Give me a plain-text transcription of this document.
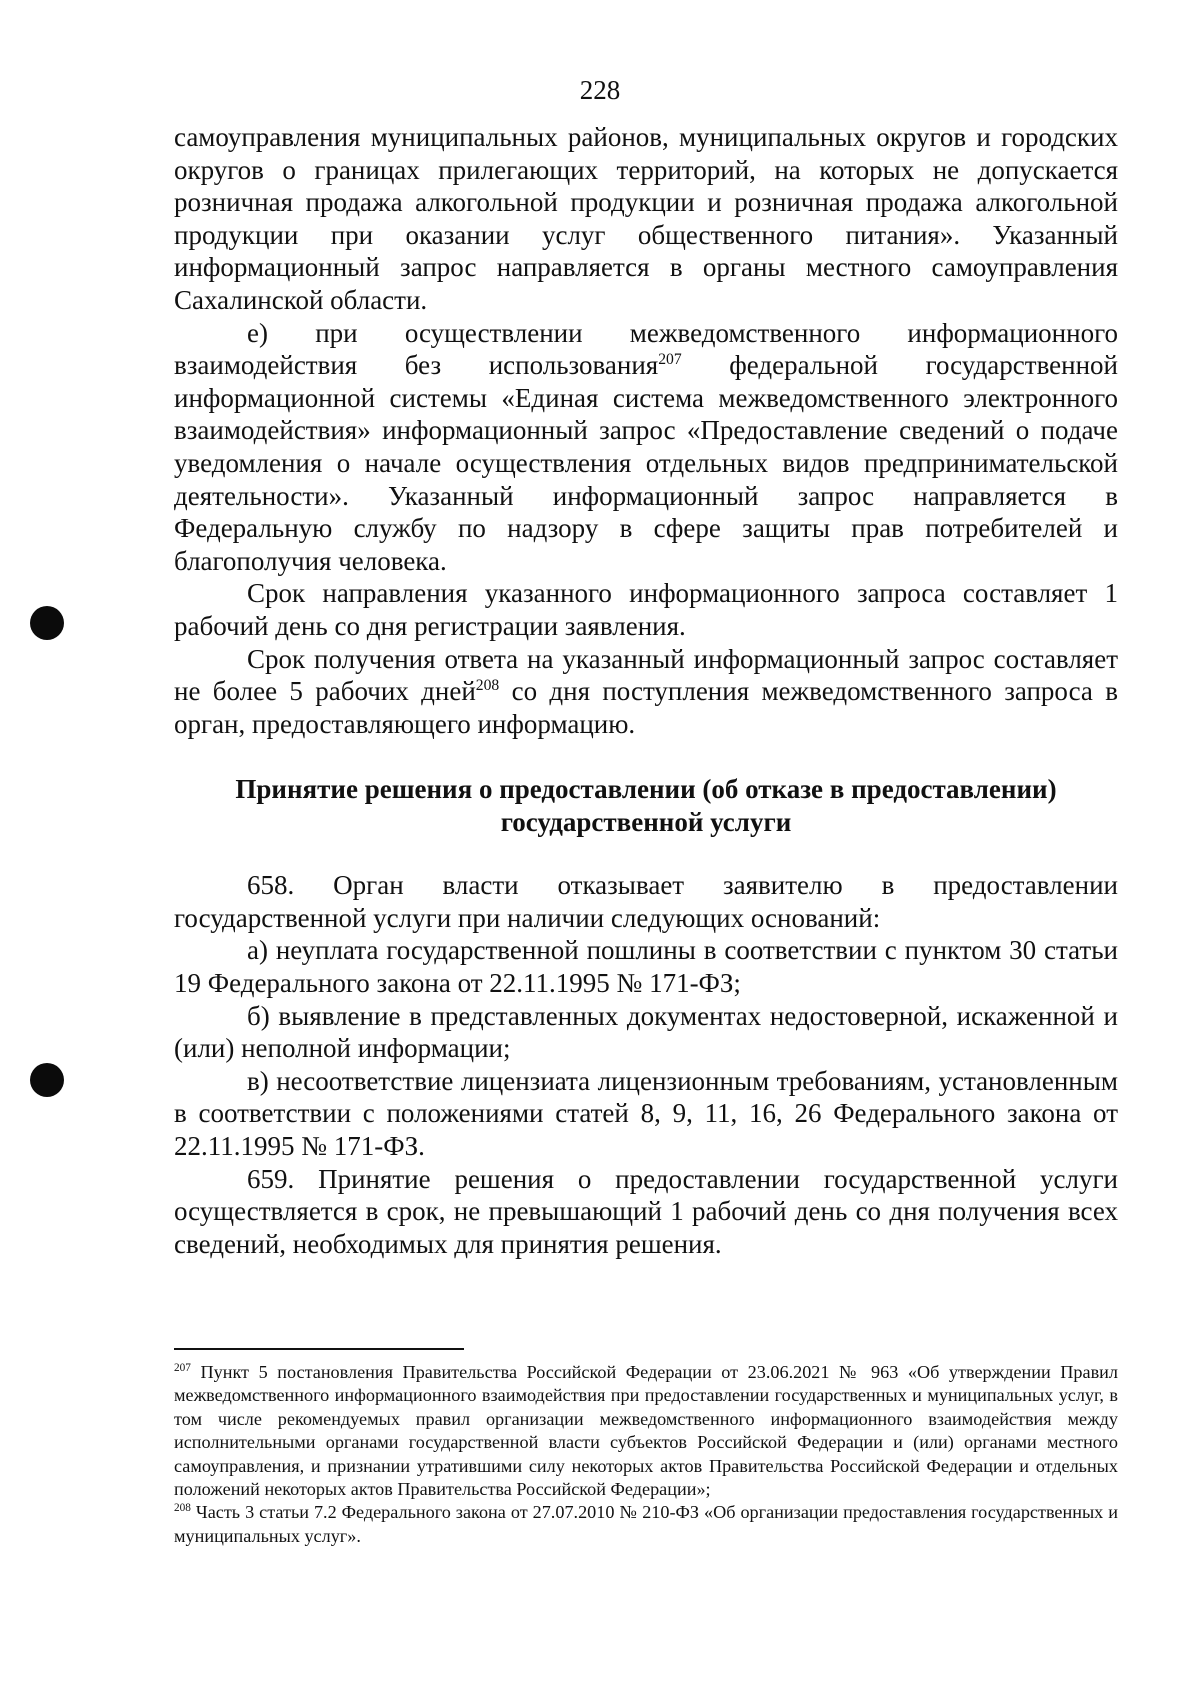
228

самоуправления муниципальных районов, муниципальных округов и городских округов о границах прилегающих территорий, на которых не допускается розничная продажа алкогольной продукции и розничная продажа алкогольной продукции при оказании услуг общественного питания». Указанный информационный запрос направляется в органы местного самоуправления Сахалинской области.

е) при осуществлении межведомственного информационного взаимодействия без использования$^{207}$ федеральной государственной информационной системы «Единая система межведомственного электронного взаимодействия» информационный запрос «Предоставление сведений о подаче уведомления о начале осуществления отдельных видов предпринимательской деятельности». Указанный информационный запрос направляется в Федеральную службу по надзору в сфере защиты прав потребителей и благополучия человека.

Срок направления указанного информационного запроса составляет 1 рабочий день со дня регистрации заявления.

Срок получения ответа на указанный информационный запрос составляет не более 5 рабочих дней$^{208}$ со дня поступления межведомственного запроса в орган, предоставляющего информацию.

Принятие решения о предоставлении (об отказе в предоставлении)
государственной услуги

658. Орган власти отказывает заявителю в предоставлении государственной услуги при наличии следующих оснований:

а) неуплата государственной пошлины в соответствии с пунктом 30 статьи 19 Федерального закона от 22.11.1995 № 171-ФЗ;

б) выявление в представленных документах недостоверной, искаженной и (или) неполной информации;

в) несоответствие лицензиата лицензионным требованиям, установленным в соответствии с положениями статей 8, 9, 11, 16, 26 Федерального закона от 22.11.1995 № 171-ФЗ.

659. Принятие решения о предоставлении государственной услуги осуществляется в срок, не превышающий 1 рабочий день со дня получения всех сведений, необходимых для принятия решения.

$^{207}$ Пункт 5 постановления Правительства Российской Федерации от 23.06.2021 № 963 «Об утверждении Правил межведомственного информационного взаимодействия при предоставлении государственных и муниципальных услуг, в том числе рекомендуемых правил организации межведомственного информационного взаимодействия между исполнительными органами государственной власти субъектов Российской Федерации и (или) органами местного самоуправления, и признании утратившими силу некоторых актов Правительства Российской Федерации и отдельных положений некоторых актов Правительства Российской Федерации»;

$^{208}$ Часть 3 статьи 7.2 Федерального закона от 27.07.2010 № 210-ФЗ «Об организации предоставления государственных и муниципальных услуг».
